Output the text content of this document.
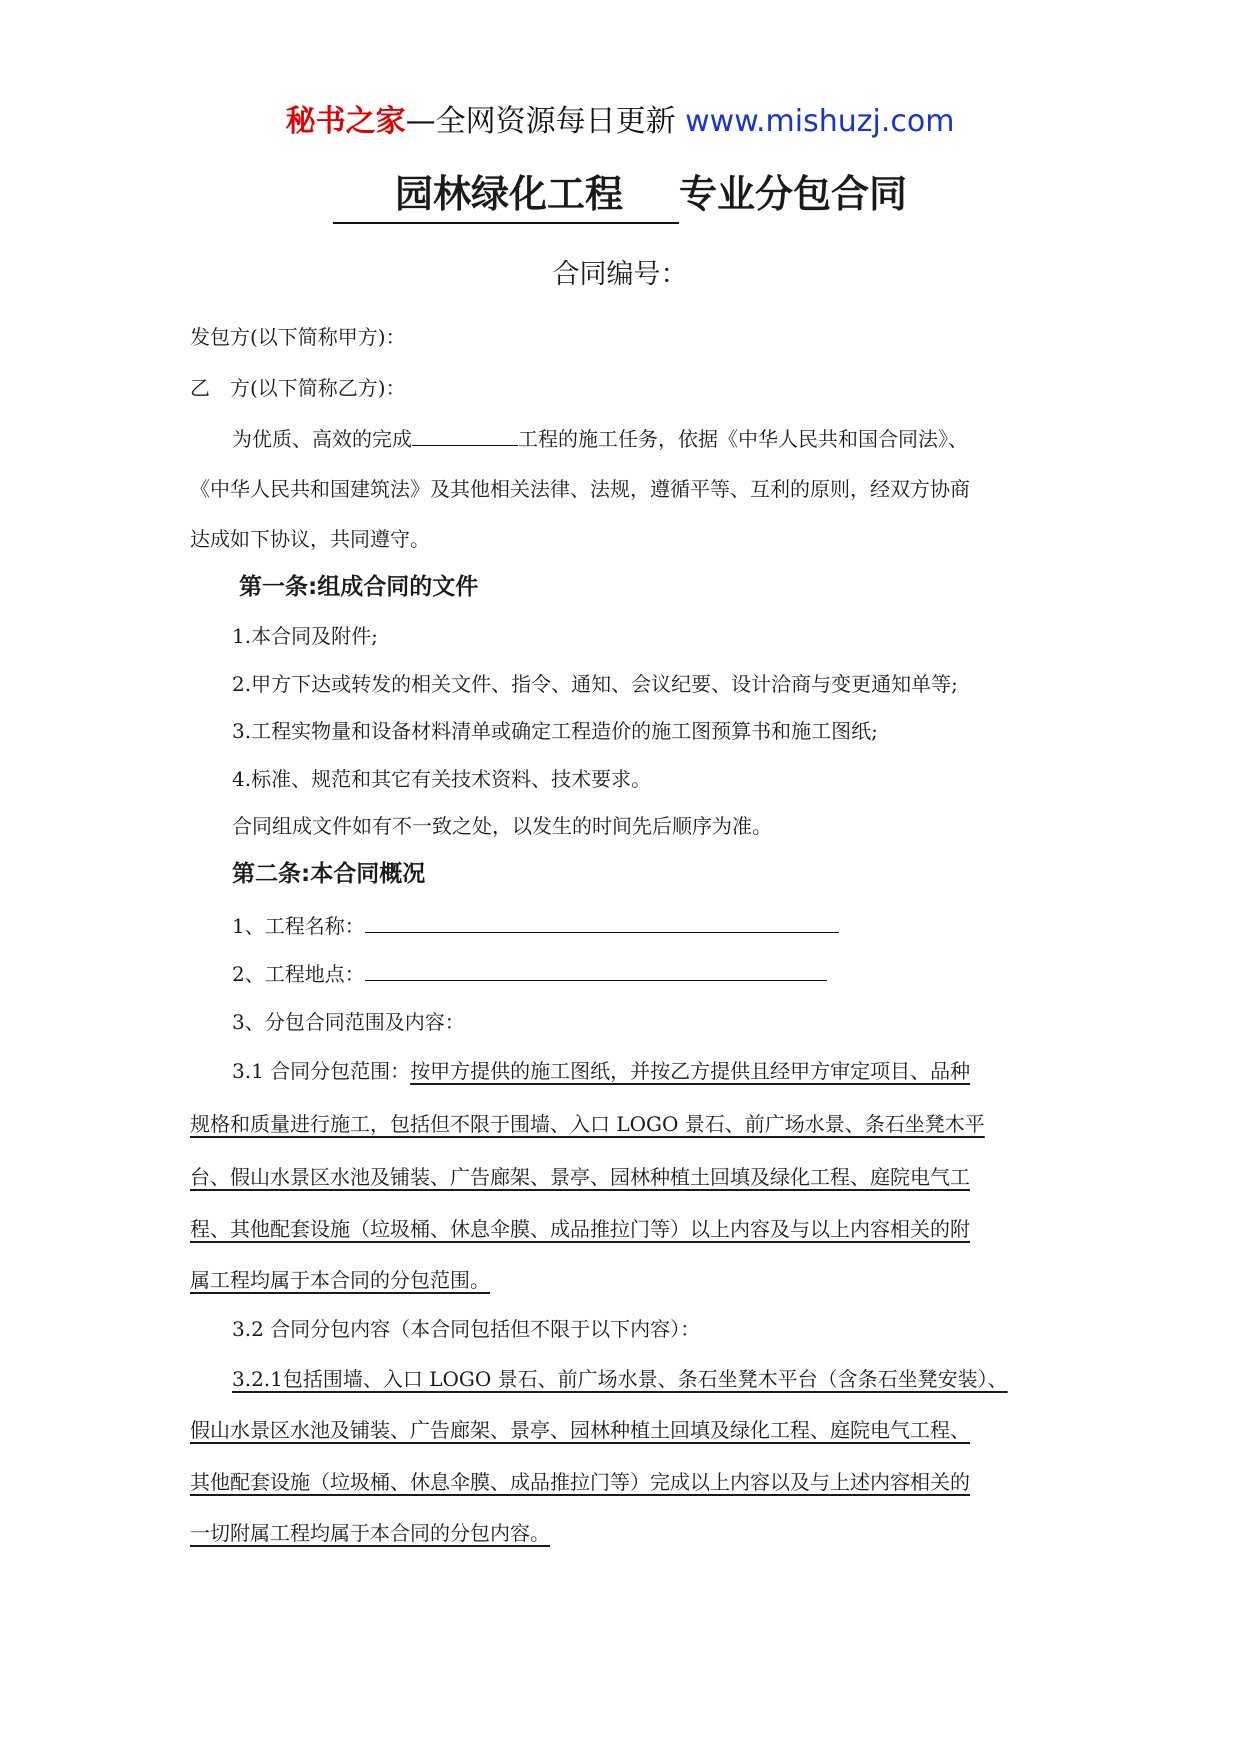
秘书之家—全网资源每日更新 www.mishuzj.com
园林绿化工程 专业分包合同
合同编号：
发包方(以下简称甲方)：
乙　方(以下简称乙方)：
为优质、高效的完成	工程的施工任务，依据《中华人民共和国合同法》、
《中华人民共和国建筑法》及其他相关法律、法规，遵循平等、互利的原则，经双方协商
达成如下协议，共同遵守。
第一条:组成合同的文件
1.本合同及附件;
2.甲方下达或转发的相关文件、指令、通知、会议纪要、设计洽商与变更通知单等;
3.工程实物量和设备材料清单或确定工程造价的施工图预算书和施工图纸;
4.标准、规范和其它有关技术资料、技术要求。
合同组成文件如有不一致之处，以发生的时间先后顺序为准。
第二条:本合同概况
1、工程名称：
2、工程地点：
3、分包合同范围及内容：
3.1 合同分包范围：按甲方提供的施工图纸，并按乙方提供且经甲方审定项目、品种
规格和质量进行施工，包括但不限于围墙、入口 LOGO 景石、前广场水景、条石坐凳木平
台、假山水景区水池及铺装、广告廊架、景亭、园林种植土回填及绿化工程、庭院电气工
程、其他配套设施（垃圾桶、休息伞膜、成品推拉门等）以上内容及与以上内容相关的附
属工程均属于本合同的分包范围。
3.2 合同分包内容（本合同包括但不限于以下内容）：
3.2.1包括围墙、入口 LOGO 景石、前广场水景、条石坐凳木平台（含条石坐凳安装）、
假山水景区水池及铺装、广告廊架、景亭、园林种植土回填及绿化工程、庭院电气工程、
其他配套设施（垃圾桶、休息伞膜、成品推拉门等）完成以上内容以及与上述内容相关的
一切附属工程均属于本合同的分包内容。
